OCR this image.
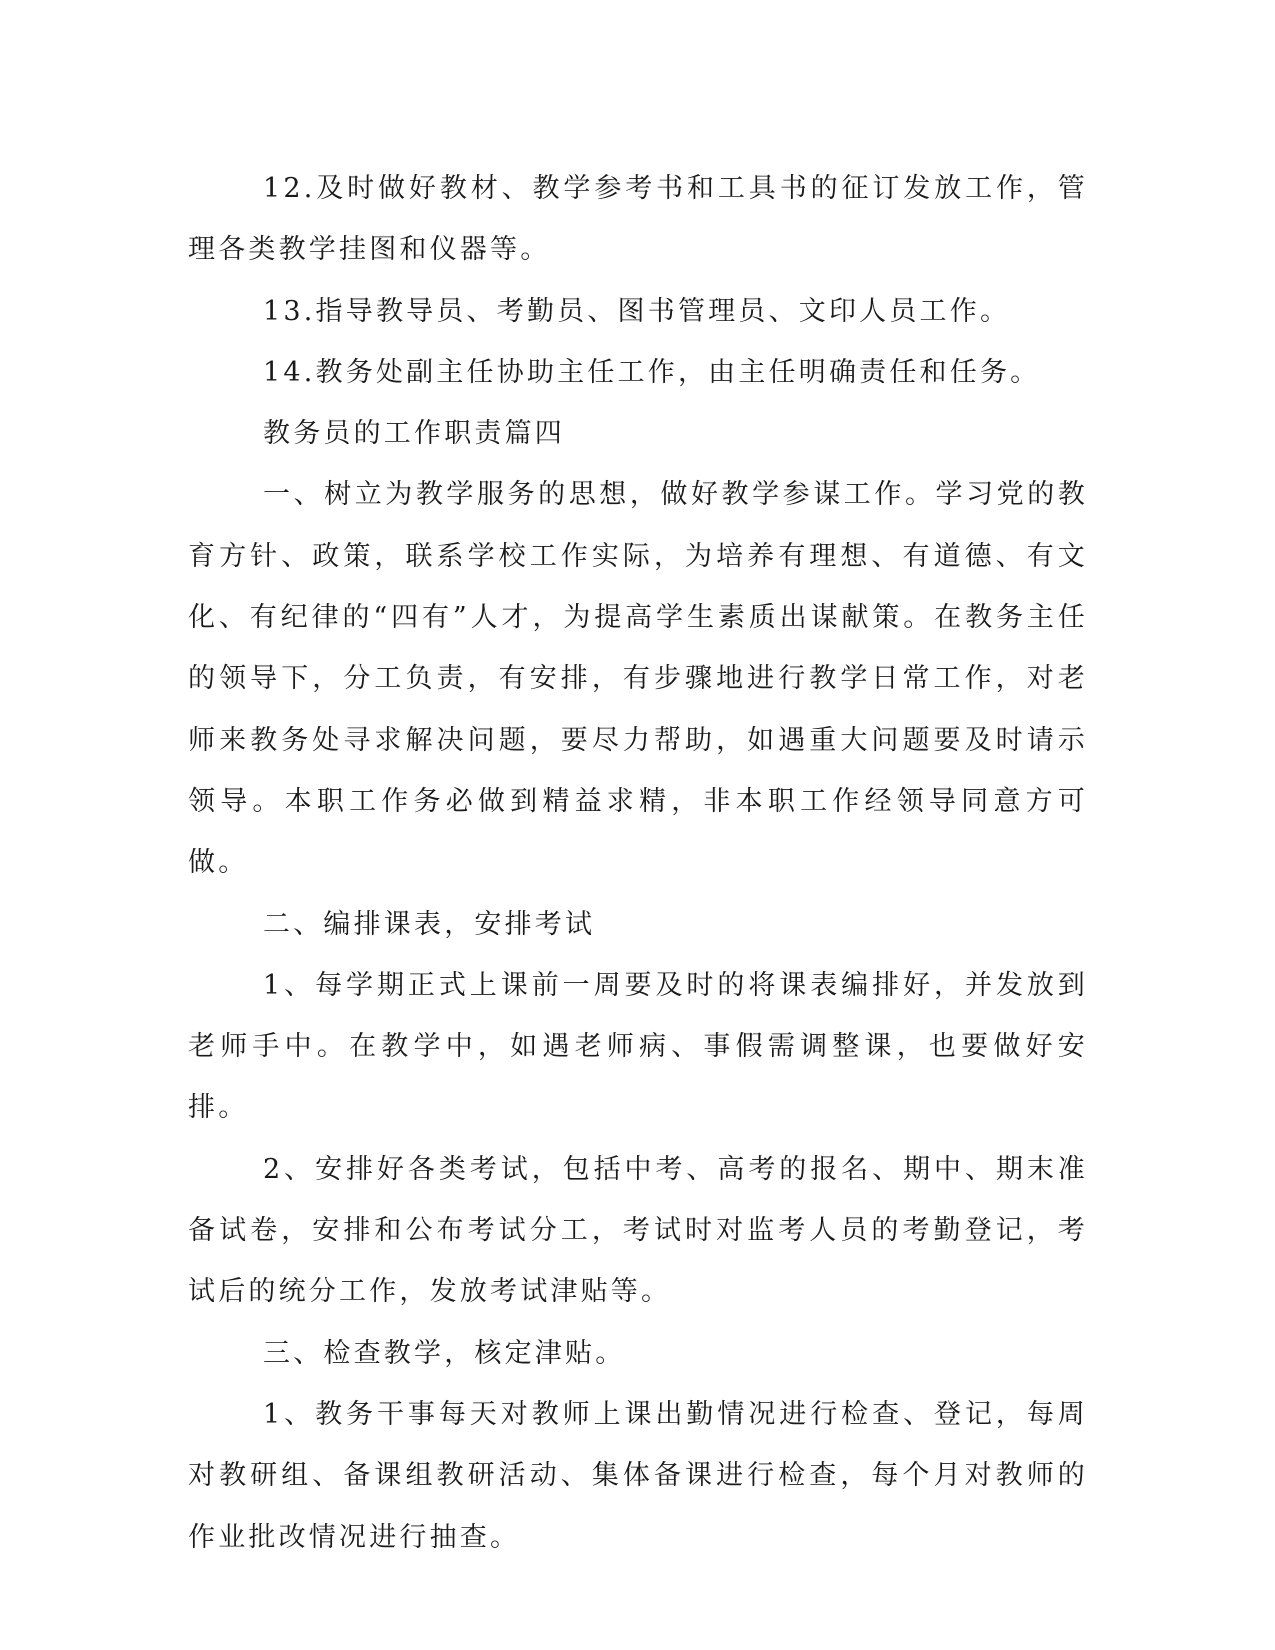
12.及时做好教材、教学参考书和工具书的征订发放工作，管理各类教学挂图和仪器等。

13.指导教导员、考勤员、图书管理员、文印人员工作。

14.教务处副主任协助主任工作，由主任明确责任和任务。

教务员的工作职责篇四

一、树立为教学服务的思想，做好教学参谋工作。学习党的教育方针、政策，联系学校工作实际，为培养有理想、有道德、有文化、有纪律的“四有”人才，为提高学生素质出谋献策。在教务主任的领导下，分工负责，有安排，有步骤地进行教学日常工作，对老师来教务处寻求解决问题，要尽力帮助，如遇重大问题要及时请示领导。本职工作务必做到精益求精，非本职工作经领导同意方可做。

二、编排课表，安排考试

1、每学期正式上课前一周要及时的将课表编排好，并发放到老师手中。在教学中，如遇老师病、事假需调整课，也要做好安排。

2、安排好各类考试，包括中考、高考的报名、期中、期末准备试卷，安排和公布考试分工，考试时对监考人员的考勤登记，考试后的统分工作，发放考试津贴等。

三、检查教学，核定津贴。

1、教务干事每天对教师上课出勤情况进行检查、登记，每周对教研组、备课组教研活动、集体备课进行检查，每个月对教师的作业批改情况进行抽查。
